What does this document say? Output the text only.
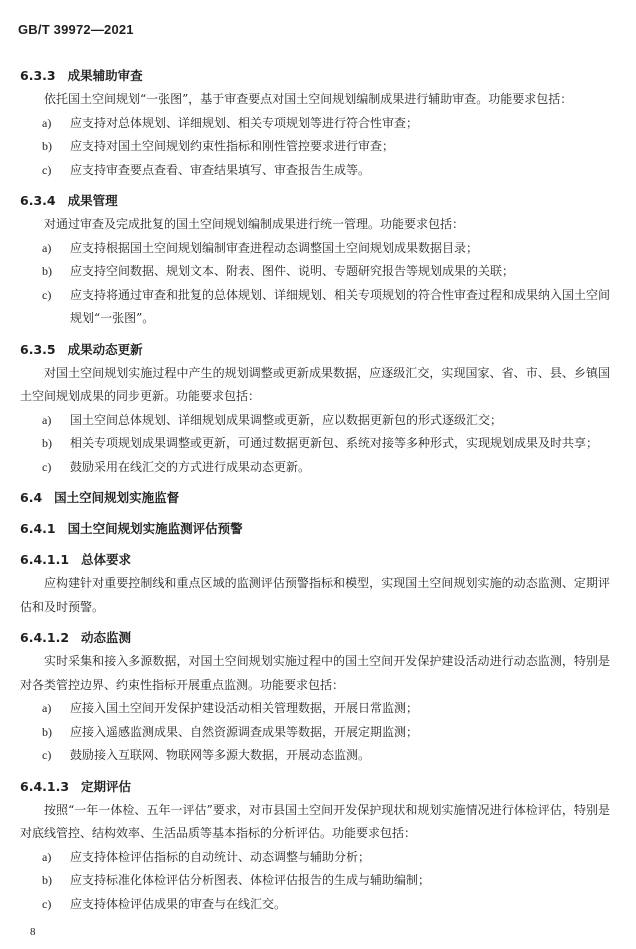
GB/T 39972—2021
6.3.3 成果辅助审查

依托国土空间规划“一张图”，基于审查要点对国土空间规划编制成果进行辅助审查。功能要求包括：

a) 应支持对总体规划、详细规划、相关专项规划等进行符合性审查；
b) 应支持对国土空间规划约束性指标和刚性管控要求进行审查；
c) 应支持审查要点查看、审查结果填写、审查报告生成等。
6.3.4 成果管理

对通过审查及完成批复的国土空间规划编制成果进行统一管理。功能要求包括：

a) 应支持根据国土空间规划编制审查进程动态调整国土空间规划成果数据目录；
b) 应支持空间数据、规划文本、附表、图件、说明、专题研究报告等规划成果的关联；
c) 应支持将通过审查和批复的总体规划、详细规划、相关专项规划的符合性审查过程和成果纳入国土空间规划“一张图”。
6.3.5 成果动态更新

对国土空间规划实施过程中产生的规划调整或更新成果数据，应逐级汇交，实现国家、省、市、县、乡镇国土空间规划成果的同步更新。功能要求包括：

a) 国土空间总体规划、详细规划成果调整或更新，应以数据更新包的形式逐级汇交；
b) 相关专项规划成果调整或更新，可通过数据更新包、系统对接等多种形式，实现规划成果及时共享；
c) 鼓励采用在线汇交的方式进行成果动态更新。
6.4 国土空间规划实施监督
6.4.1 国土空间规划实施监测评估预警
6.4.1.1 总体要求

应构建针对重要控制线和重点区域的监测评估预警指标和模型，实现国土空间规划实施的动态监测、定期评估和及时预警。

6.4.1.2 动态监测

实时采集和接入多源数据，对国土空间规划实施过程中的国土空间开发保护建设活动进行动态监测，特别是对各类管控边界、约束性指标开展重点监测。功能要求包括：

a) 应接入国土空间开发保护建设活动相关管理数据，开展日常监测；
b) 应接入遥感监测成果、自然资源调查成果等数据，开展定期监测；
c) 鼓励接入互联网、物联网等多源大数据，开展动态监测。
6.4.1.3 定期评估

按照“一年一体检、五年一评估”要求，对市县国土空间开发保护现状和规划实施情况进行体检评估，特别是对底线管控、结构效率、生活品质等基本指标的分析评估。功能要求包括：

a) 应支持体检评估指标的自动统计、动态调整与辅助分析；
b) 应支持标准化体检评估分析图表、体检评估报告的生成与辅助编制；
c) 应支持体检评估成果的审查与在线汇交。
8
